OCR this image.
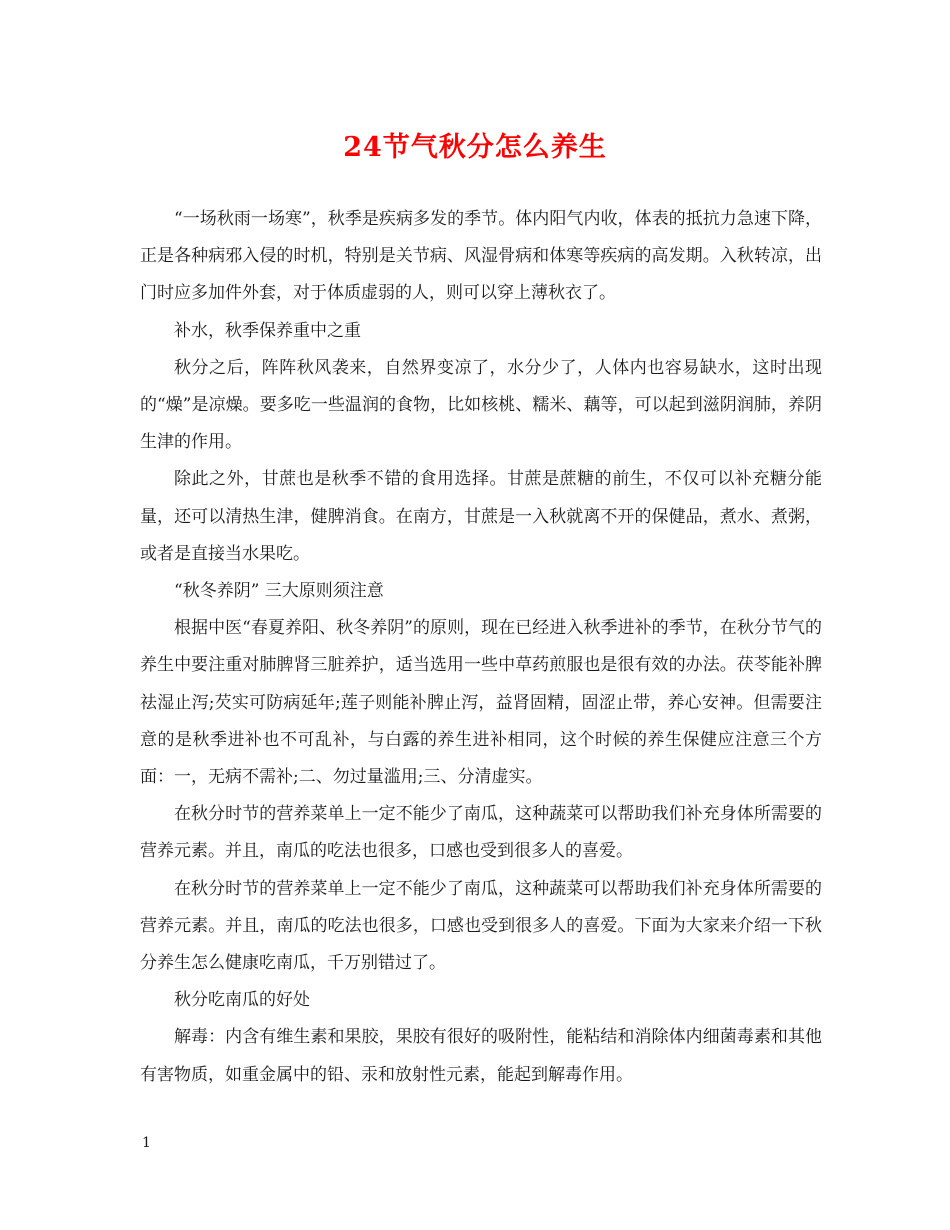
24节气秋分怎么养生

“一场秋雨一场寒”，秋季是疾病多发的季节。体内阳气内收，体表的抵抗力急速下降，正是各种病邪入侵的时机，特别是关节病、风湿骨病和体寒等疾病的高发期。入秋转凉，出门时应多加件外套，对于体质虚弱的人，则可以穿上薄秋衣了。

补水，秋季保养重中之重

秋分之后，阵阵秋风袭来，自然界变凉了，水分少了，人体内也容易缺水，这时出现的“燥”是凉燥。要多吃一些温润的食物，比如核桃、糯米、藕等，可以起到滋阴润肺，养阴生津的作用。

除此之外，甘蔗也是秋季不错的食用选择。甘蔗是蔗糖的前生，不仅可以补充糖分能量，还可以清热生津，健脾消食。在南方，甘蔗是一入秋就离不开的保健品，煮水、煮粥，或者是直接当水果吃。

“秋冬养阴” 三大原则须注意

根据中医“春夏养阳、秋冬养阴”的原则，现在已经进入秋季进补的季节，在秋分节气的养生中要注重对肺脾肾三脏养护，适当选用一些中草药煎服也是很有效的办法。茯苓能补脾祛湿止泻;芡实可防病延年;莲子则能补脾止泻，益肾固精，固涩止带，养心安神。但需要注意的是秋季进补也不可乱补，与白露的养生进补相同，这个时候的养生保健应注意三个方面：一，无病不需补;二、勿过量滥用;三、分清虚实。

在秋分时节的营养菜单上一定不能少了南瓜，这种蔬菜可以帮助我们补充身体所需要的营养元素。并且，南瓜的吃法也很多，口感也受到很多人的喜爱。

在秋分时节的营养菜单上一定不能少了南瓜，这种蔬菜可以帮助我们补充身体所需要的营养元素。并且，南瓜的吃法也很多，口感也受到很多人的喜爱。下面为大家来介绍一下秋分养生怎么健康吃南瓜，千万别错过了。

秋分吃南瓜的好处

解毒：内含有维生素和果胶，果胶有很好的吸附性，能粘结和消除体内细菌毒素和其他有害物质，如重金属中的铅、汞和放射性元素，能起到解毒作用。

1
